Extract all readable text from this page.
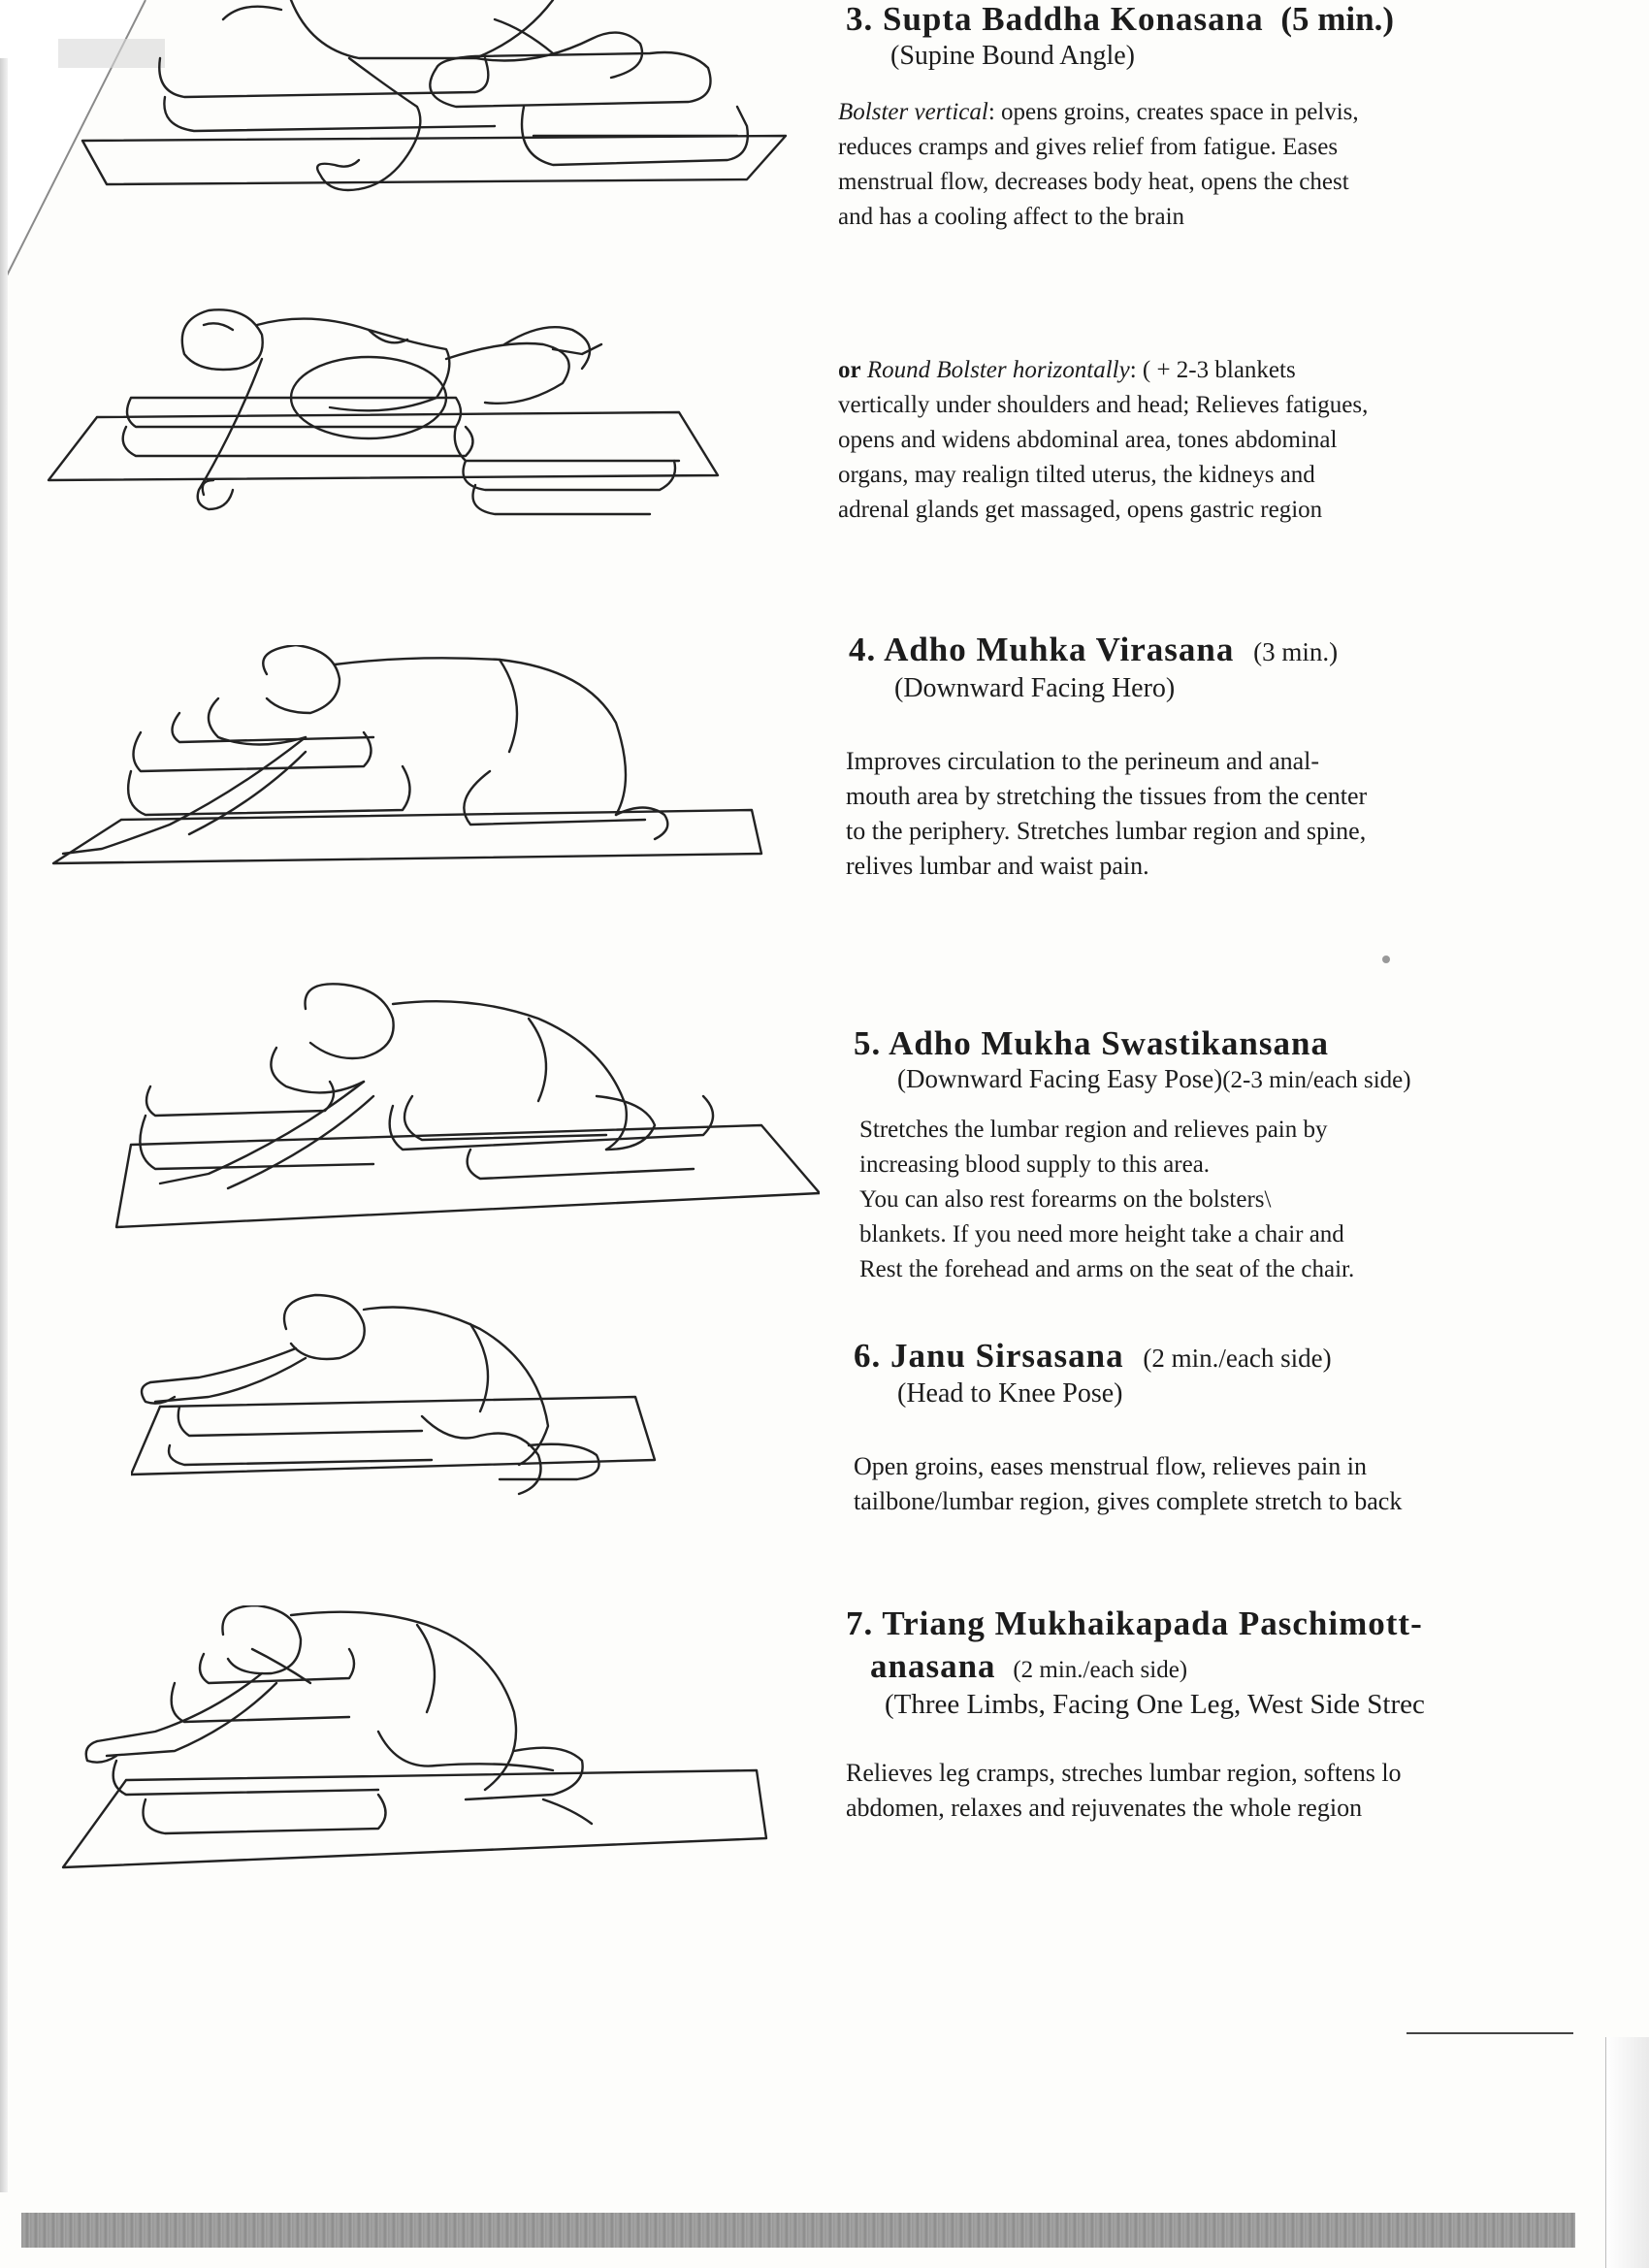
3. Supta Baddha Konasana (5 min.)
(Supine Bound Angle)
Bolster vertical: opens groins, creates space in pelvis,
reduces cramps and gives relief from fatigue. Eases
menstrual flow, decreases body heat, opens the chest
and has a cooling affect to the brain
or Round Bolster horizontally: ( + 2-3 blankets
vertically under shoulders and head; Relieves fatigues,
opens and widens abdominal area, tones abdominal
organs, may realign tilted uterus, the kidneys and
adrenal glands get massaged, opens gastric region
4. Adho Muhka Virasana (3 min.)
(Downward Facing Hero)
Improves circulation to the perineum and anal-
mouth area by stretching the tissues from the center
to the periphery. Stretches lumbar region and spine,
relives lumbar and waist pain.
5. Adho Mukha Swastikansana
(Downward Facing Easy Pose)(2-3 min/each side)
Stretches the lumbar region and relieves pain by
increasing blood supply to this area.
You can also rest forearms on the bolsters\
blankets. If you need more height take a chair and
Rest the forehead and arms on the seat of the chair.
6. Janu Sirsasana (2 min./each side)
(Head to Knee Pose)
Open groins, eases menstrual flow, relieves pain in
tailbone/lumbar region, gives complete stretch to back
7. Triang Mukhaikapada Paschimott-
anasana (2 min./each side)
(Three Limbs, Facing One Leg, West Side Strec
Relieves leg cramps, streches lumbar region, softens lo
abdomen, relaxes and rejuvenates the whole region
